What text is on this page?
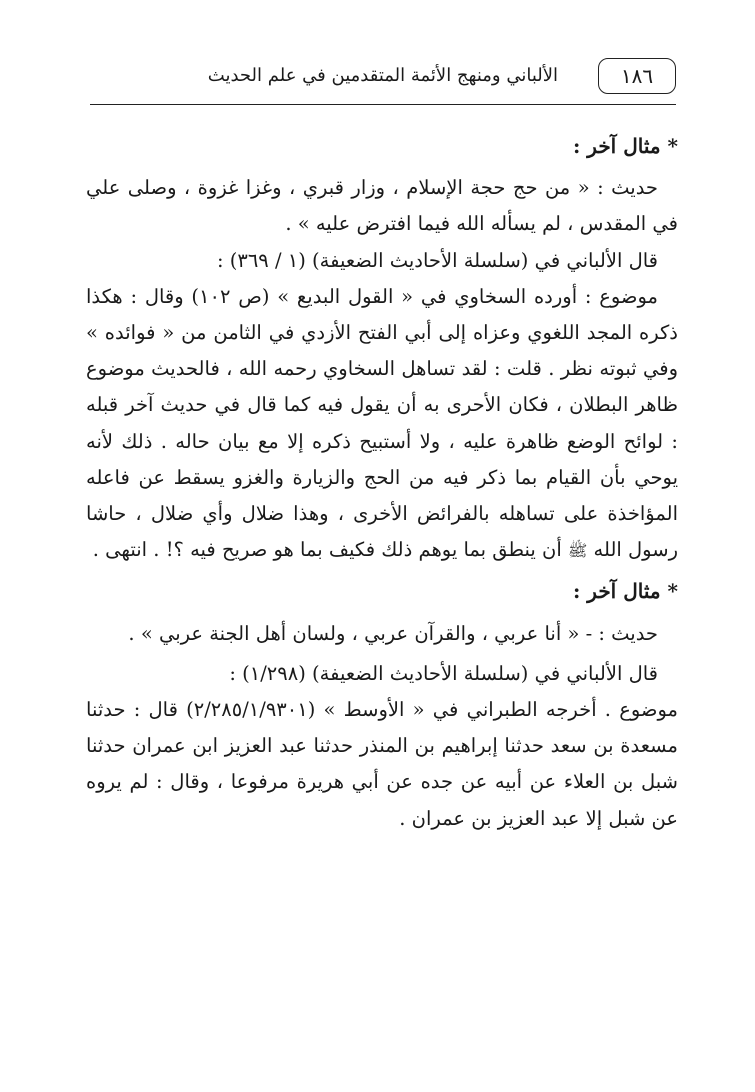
١٨٦
الألباني ومنهج الأئمة المتقدمين في علم الحديث

* مثال آخر :

حديث : « من حج حجة الإسلام ، وزار قبري ، وغزا غزوة ، وصلى علي في المقدس ، لم يسأله الله فيما افترض عليه » .

قال الألباني في (سلسلة الأحاديث الضعيفة) (١ / ٣٦٩) :

موضوع : أورده السخاوي في « القول البديع » (ص ١٠٢) وقال : هكذا ذكره المجد اللغوي وعزاه إلى أبي الفتح الأزدي في الثامن من « فوائده » وفي ثبوته نظر . قلت : لقد تساهل السخاوي رحمه الله ، فالحديث موضوع ظاهر البطلان ، فكان الأحرى به أن يقول فيه كما قال في حديث آخر قبله : لوائح الوضع ظاهرة عليه ، ولا أستبيح ذكره إلا مع بيان حاله . ذلك لأنه يوحي بأن القيام بما ذكر فيه من الحج والزيارة والغزو يسقط عن فاعله المؤاخذة على تساهله بالفرائض الأخرى ، وهذا ضلال وأي ضلال ، حاشا رسول الله ﷺ أن ينطق بما يوهم ذلك فكيف بما هو صريح فيه ؟! . انتهى .

* مثال آخر :

حديث : - « أنا عربي ، والقرآن عربي ، ولسان أهل الجنة عربي » .

قال الألباني في (سلسلة الأحاديث الضعيفة) (١/٢٩٨) :

موضوع . أخرجه الطبراني في « الأوسط » (٢/٢٨٥/١/٩٣٠١) قال : حدثنا مسعدة بن سعد حدثنا إبراهيم بن المنذر حدثنا عبد العزيز ابن عمران حدثنا شبل بن العلاء عن أبيه عن جده عن أبي هريرة مرفوعا ، وقال : لم يروه عن شبل إلا عبد العزيز بن عمران .
